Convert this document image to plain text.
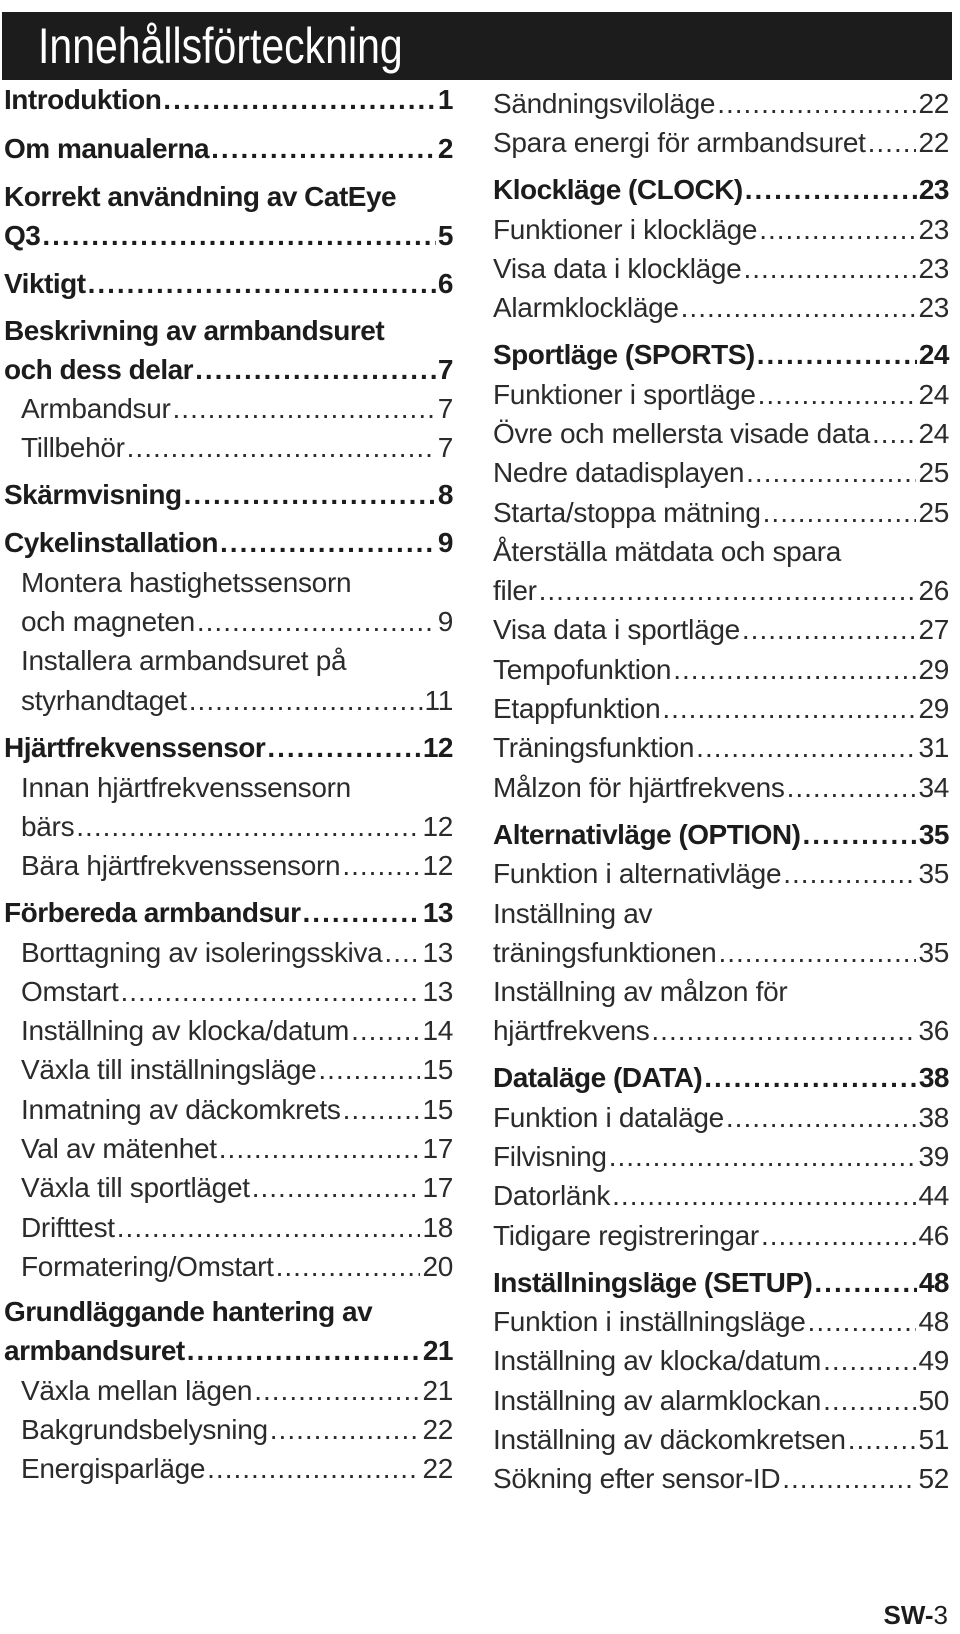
Innehållsförteckning
Introduktion .....	1
Om manualerna .....	2
Korrekt användning av CatEye
Q3 .....	5
Viktigt .....	6
Beskrivning av armbandsuret
och dess delar .....	7
Armbandsur .....	7
Tillbehör .....	7
Skärmvisning .....	8
Cykelinstallation .....	9
Montera hastighetssensorn
och magneten .....	9
Installera armbandsuret på
styrhandtaget .....	11
Hjärtfrekvenssensor .....	12
Innan hjärtfrekvenssensorn
bärs .....	12
Bära hjärtfrekvenssensorn .....	12
Förbereda armbandsur .....	13
Borttagning av isoleringsskiva ..... 13
Omstart .....	13
Inställning av klocka/datum .....	14
Växla till inställningsläge .....	15
Inmatning av däckomkrets .....	15
Val av mätenhet .....	17
Växla till sportläget .....	17
Drifttest .....	18
Formatering/Omstart .....	20
Grundläggande hantering av
armbandsuret .....	21
Växla mellan lägen .....	21
Bakgrundsbelysning .....	22
Energisparläge .....	22
Sändningsviloläge .....	22
Spara energi för armbandsuret ..... 22
Klockläge (CLOCK) .....	23
Funktioner i klockläge .....	23
Visa data i klockläge .....	23
Alarmklockläge .....	23
Sportläge (SPORTS) .....	24
Funktioner i sportläge .....	24
Övre och mellersta visade data ..... 24
Nedre datadisplayen .....	25
Starta/stoppa mätning .....	25
Återställa mätdata och spara
filer .....	26
Visa data i sportläge .....	27
Tempofunktion .....	29
Etappfunktion .....	29
Träningsfunktion .....	31
Målzon för hjärtfrekvens .....	34
Alternativläge (OPTION) .....	35
Funktion i alternativläge .....	35
Inställning av
träningsfunktionen .....	35
Inställning av målzon för
hjärtfrekvens .....	36
Dataläge (DATA) .....	38
Funktion i dataläge .....	38
Filvisning .....	39
Datorlänk .....	44
Tidigare registreringar .....	46
Inställningsläge (SETUP) .....	48
Funktion i inställningsläge .....	48
Inställning av klocka/datum .....	49
Inställning av alarmklockan .....	50
Inställning av däckomkretsen .....	51
Sökning efter sensor-ID .....	52
SW-3
